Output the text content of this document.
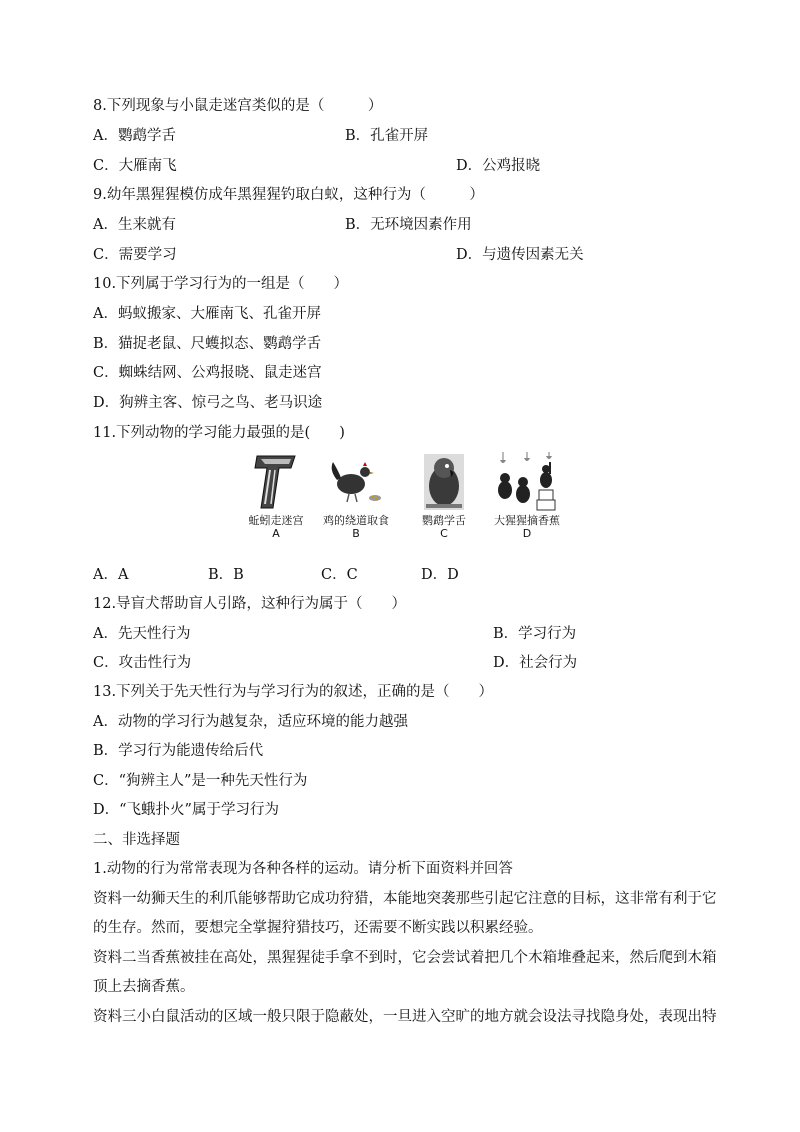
8.下列现象与小鼠走迷宫类似的是（　　　）
A．鹦鹉学舌	B．孔雀开屏
C．大雁南飞	D．公鸡报晓
9.幼年黑猩猩模仿成年黑猩猩钓取白蚁，这种行为（　　　）
A．生来就有	B．无环境因素作用
C．需要学习	D．与遗传因素无关
10.下列属于学习行为的一组是（　　）
A．蚂蚁搬家、大雁南飞、孔雀开屏
B．猫捉老鼠、尺蠖拟态、鹦鹉学舌
C．蜘蛛结网、公鸡报晓、鼠走迷宫
D．狗辨主客、惊弓之鸟、老马识途
11.下列动物的学习能力最强的是(　　)
蚯蚓走迷宫
A
鸡的绕道取食
B
鹦鹉学舌
C
大猩猩摘香蕉
D
A．A	B．B	C．C	D．D
12.导盲犬帮助盲人引路，这种行为属于（　　）
A．先天性行为	B．学习行为
C．攻击性行为	D．社会行为
13.下列关于先天性行为与学习行为的叙述，正确的是（　　）
A．动物的学习行为越复杂，适应环境的能力越强
B．学习行为能遗传给后代
C．“狗辨主人”是一种先天性行为
D．“飞蛾扑火”属于学习行为
二、非选择题
1.动物的行为常常表现为各种各样的运动。请分析下面资料并回答
资料一幼狮天生的利爪能够帮助它成功狩猎，本能地突袭那些引起它注意的目标，这非常有利于它
的生存。然而，要想完全掌握狩猎技巧，还需要不断实践以积累经验。
资料二当香蕉被挂在高处，黑猩猩徒手拿不到时，它会尝试着把几个木箱堆叠起来，然后爬到木箱
顶上去摘香蕉。
资料三小白鼠活动的区域一般只限于隐蔽处，一旦进入空旷的地方就会设法寻找隐身处，表现出特
